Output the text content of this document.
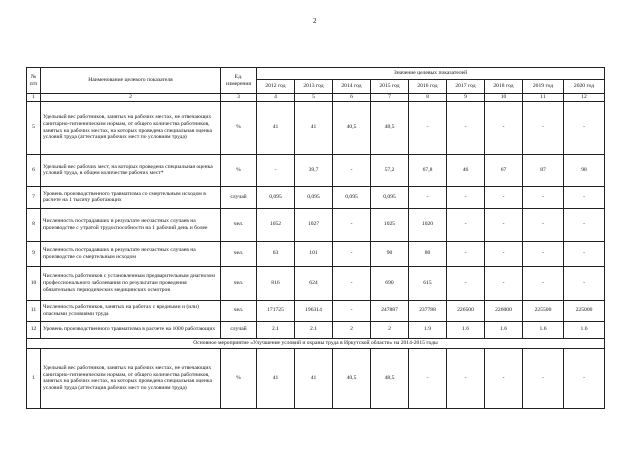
2
№ п/п	Наименование целевого показателя	Ед. измерения	Значение целевых показателей								
			2012 год	2013 год	2014 год	2015 год	2016 год	2017 год	2018 год	2019 год	2020 год
1	2	3	4	5	6	7	8	9	10	11	12
5	Удельный вес работников, занятых на рабочих местах, не отвечающих санитарно-гигиеническим нормам, от общего количества работников, занятых на рабочих местах, на которых проведена специальная оценка условий труда (аттестация рабочих мест по условиям труда)	%	41	41	40,5	48,5	-	-	-	-	-
6	Удельный вес рабочих мест, на которых проведена специальная оценка условий труда, в общем количестве рабочих мест*	%	-	39,7	-	57,2	67,8	46	67	87	98
7	Уровень производственного травматизма со смертельным исходом в расчете на 1 тысячу работающих	случай	0,095	0,095	0,095	0,095	-	-	-	-	-
8	Численность пострадавших в результате несчастных случаев на производстве с утратой трудоспособности на 1 рабочий день и более	чел.	1052	1027	-	1025	1020	-	-	-	-
9	Численность пострадавших в результате несчастных случаев на производстве со смертельным исходом	чел.	63	101	-	90	80	-	-	-	-
10	Численность работников с установленным предварительным диагнозом профессионального заболевания по результатам проведения обязательных периодических медицинских осмотров	чел.	816	624	-	690	615	-	-	-	-
11	Численность работников, занятых на работах с вредными и (или) опасными условиями труда	чел.	171725	196314	-	247887	237788	226500	226000	225500	225000
12	Уровень производственного травматизма в расчете на 1000 работающих	случай	2.1	2.1	2	2	1.9	1.6	1.6	1.6	1.6
Основное мероприятие «Улучшение условий и охраны труда в Иркутской области» на 2014-2015 годы											
1	Удельный вес работников, занятых на рабочих местах, не отвечающих санитарно-гигиеническим нормам, от общего количества работников, занятых на рабочих местах, на которых проведена специальная оценка условий труда (аттестация рабочих мест по условиям труда)	%	41	41	40,5	48,5	-	-	-	-	-
